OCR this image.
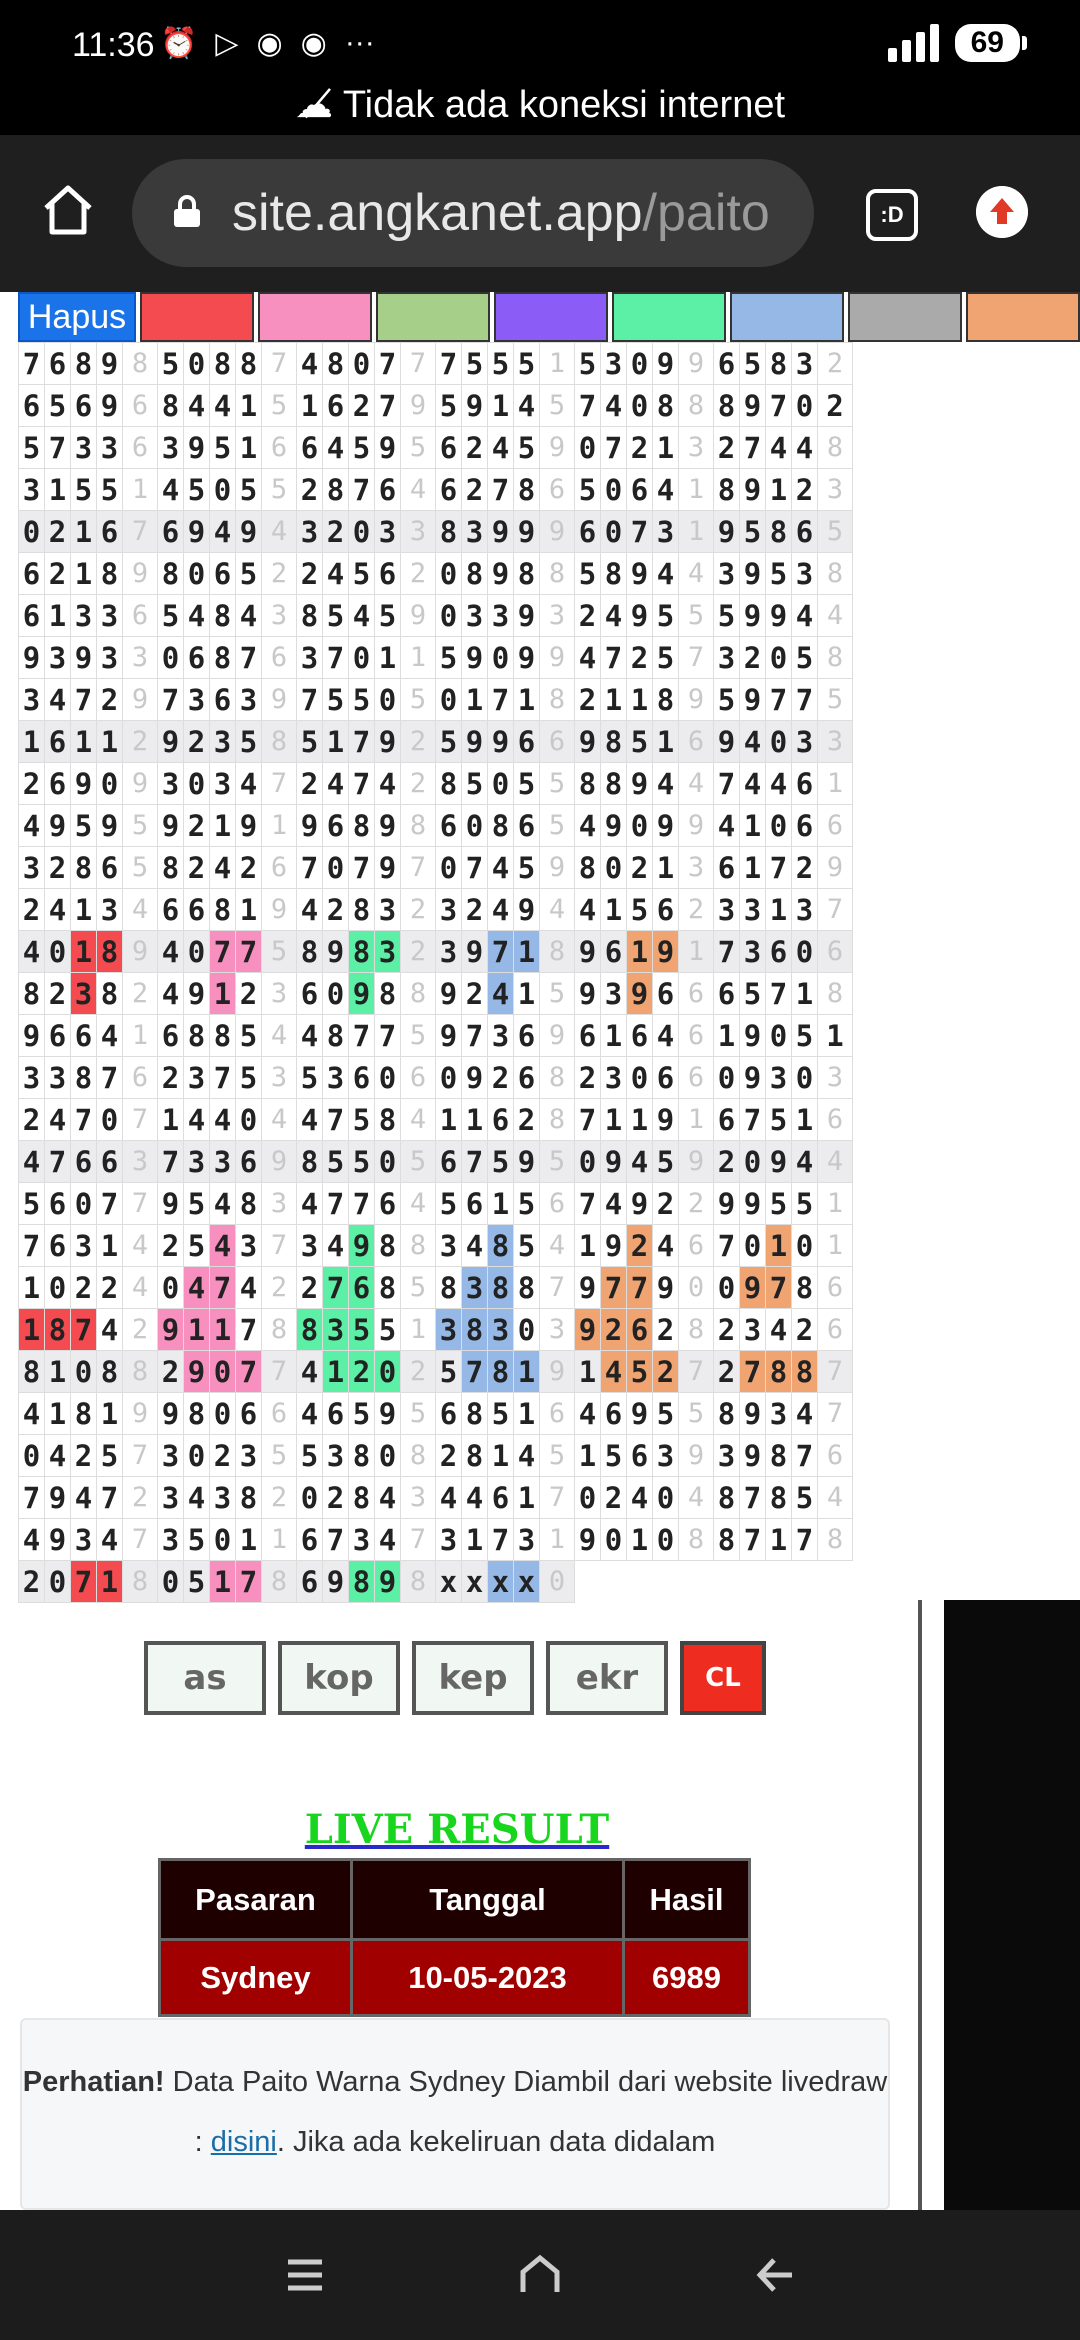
11:36 ⏰ ▷ ◉ ◉ ···	69
☁̸ Tidak ada koneksi internet
site.angkanet.app/paito	:D
Hapus
7	6	8	9	8	5	0	8	8	7	4	8	0	7	7	7	5	5	5	1	5	3	0	9	9	6	5	8	3	2
6	5	6	9	6	8	4	4	1	5	1	6	2	7	9	5	9	1	4	5	7	4	0	8	8	8	9	7	0	2
5	7	3	3	6	3	9	5	1	6	6	4	5	9	5	6	2	4	5	9	0	7	2	1	3	2	7	4	4	8
3	1	5	5	1	4	5	0	5	5	2	8	7	6	4	6	2	7	8	6	5	0	6	4	1	8	9	1	2	3
0	2	1	6	7	6	9	4	9	4	3	2	0	3	3	8	3	9	9	9	6	0	7	3	1	9	5	8	6	5
6	2	1	8	9	8	0	6	5	2	2	4	5	6	2	0	8	9	8	8	5	8	9	4	4	3	9	5	3	8
6	1	3	3	6	5	4	8	4	3	8	5	4	5	9	0	3	3	9	3	2	4	9	5	5	5	9	9	4	4
9	3	9	3	3	0	6	8	7	6	3	7	0	1	1	5	9	0	9	9	4	7	2	5	7	3	2	0	5	8
3	4	7	2	9	7	3	6	3	9	7	5	5	0	5	0	1	7	1	8	2	1	1	8	9	5	9	7	7	5
1	6	1	1	2	9	2	3	5	8	5	1	7	9	2	5	9	9	6	6	9	8	5	1	6	9	4	0	3	3
2	6	9	0	9	3	0	3	4	7	2	4	7	4	2	8	5	0	5	5	8	8	9	4	4	7	4	4	6	1
4	9	5	9	5	9	2	1	9	1	9	6	8	9	8	6	0	8	6	5	4	9	0	9	9	4	1	0	6	6
3	2	8	6	5	8	2	4	2	6	7	0	7	9	7	0	7	4	5	9	8	0	2	1	3	6	1	7	2	9
2	4	1	3	4	6	6	8	1	9	4	2	8	3	2	3	2	4	9	4	4	1	5	6	2	3	3	1	3	7
4	0	1	8	9	4	0	7	7	5	8	9	8	3	2	3	9	7	1	8	9	6	1	9	1	7	3	6	0	6
8	2	3	8	2	4	9	1	2	3	6	0	9	8	8	9	2	4	1	5	9	3	9	6	6	6	5	7	1	8
9	6	6	4	1	6	8	8	5	4	4	8	7	7	5	9	7	3	6	9	6	1	6	4	6	1	9	0	5	1
3	3	8	7	6	2	3	7	5	3	5	3	6	0	6	0	9	2	6	8	2	3	0	6	6	0	9	3	0	3
2	4	7	0	7	1	4	4	0	4	4	7	5	8	4	1	1	6	2	8	7	1	1	9	1	6	7	5	1	6
4	7	6	6	3	7	3	3	6	9	8	5	5	0	5	6	7	5	9	5	0	9	4	5	9	2	0	9	4	4
5	6	0	7	7	9	5	4	8	3	4	7	7	6	4	5	6	1	5	6	7	4	9	2	2	9	9	5	5	1
7	6	3	1	4	2	5	4	3	7	3	4	9	8	8	3	4	8	5	4	1	9	2	4	6	7	0	1	0	1
1	0	2	2	4	0	4	7	4	2	2	7	6	8	5	8	3	8	8	7	9	7	7	9	0	0	9	7	8	6
1	8	7	4	2	9	1	1	7	8	8	3	5	5	1	3	8	3	0	3	9	2	6	2	8	2	3	4	2	6
8	1	0	8	8	2	9	0	7	7	4	1	2	0	2	5	7	8	1	9	1	4	5	2	7	2	7	8	8	7
4	1	8	1	9	9	8	0	6	6	4	6	5	9	5	6	8	5	1	6	4	6	9	5	5	8	9	3	4	7
0	4	2	5	7	3	0	2	3	5	5	3	8	0	8	2	8	1	4	5	1	5	6	3	9	3	9	8	7	6
7	9	4	7	2	3	4	3	8	2	0	2	8	4	3	4	4	6	1	7	0	2	4	0	4	8	7	8	5	4
4	9	3	4	7	3	5	0	1	1	6	7	3	4	7	3	1	7	3	1	9	0	1	0	8	8	7	1	7	8
2	0	7	1	8	0	5	1	7	8	6	9	8	9	8	x	x	x	x	0										
as	kop	kep	ekr	CL
LIVE RESULT
Pasaran	Tanggal	Hasil
Sydney	10-05-2023	6989

Perhatian! Data Paito Warna Sydney Diambil dari website livedraw : disini. Jika ada kekeliruan data didalam
